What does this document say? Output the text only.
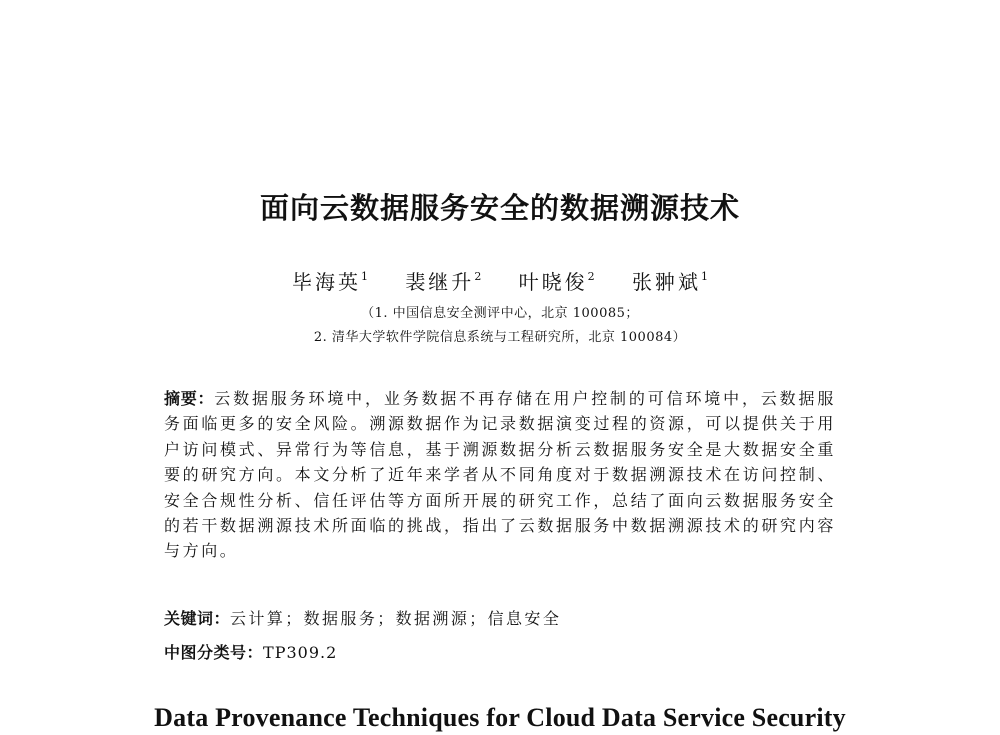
面向云数据服务安全的数据溯源技术
毕海英$^1$ 裴继升$^2$ 叶晓俊$^2$ 张翀斌$^1$
（1. 中国信息安全测评中心，北京 100085；
2. 清华大学软件学院信息系统与工程研究所，北京 100084）
摘要：云数据服务环境中，业务数据不再存储在用户控制的可信环境中，云数据服务面临更多的安全风险。溯源数据作为记录数据演变过程的资源，可以提供关于用户访问模式、异常行为等信息，基于溯源数据分析云数据服务安全是大数据安全重要的研究方向。本文分析了近年来学者从不同角度对于数据溯源技术在访问控制、安全合规性分析、信任评估等方面所开展的研究工作，总结了面向云数据服务安全的若干数据溯源技术所面临的挑战，指出了云数据服务中数据溯源技术的研究内容与方向。
关键词：云计算；数据服务；数据溯源；信息安全
中图分类号：TP309.2
Data Provenance Techniques for Cloud Data Service Security
